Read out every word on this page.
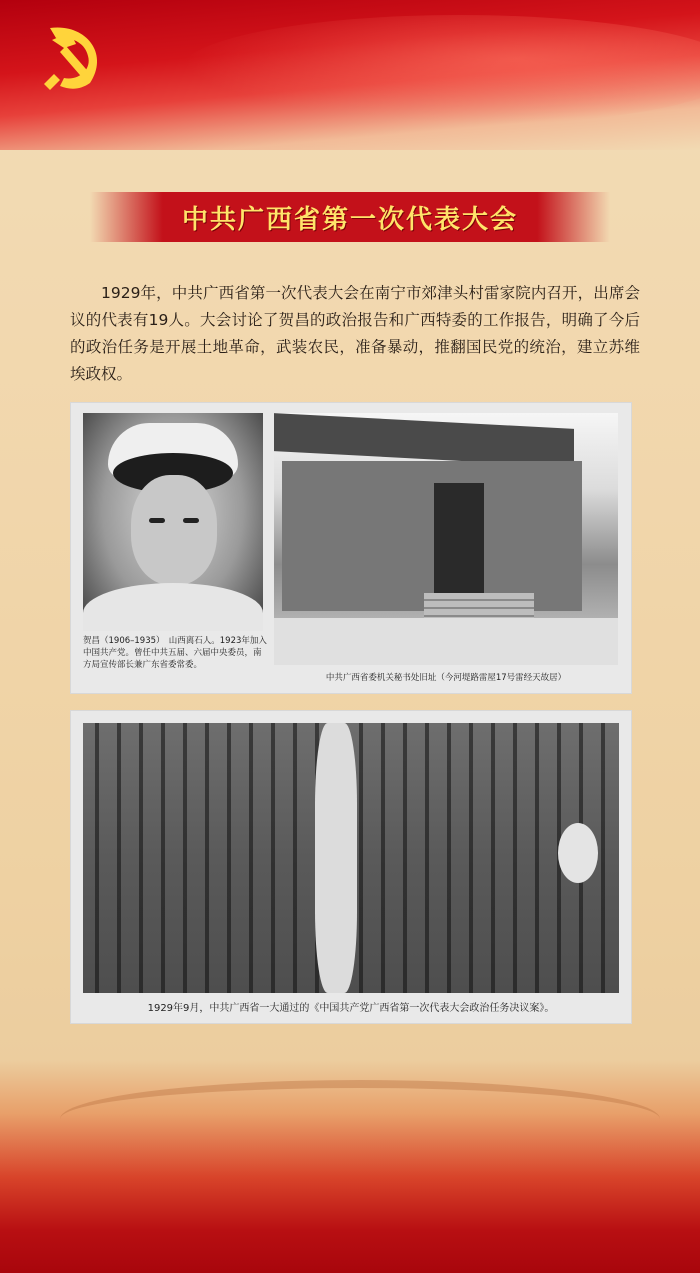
中共广西省第一次代表大会

1929年，中共广西省第一次代表大会在南宁市郊津头村雷家院内召开，出席会议的代表有19人。大会讨论了贺昌的政治报告和广西特委的工作报告，明确了今后的政治任务是开展土地革命，武装农民，准备暴动，推翻国民党的统治，建立苏维埃政权。

贺昌（1906–1935）　山西离石人。1923年加入中国共产党。曾任中共五届、六届中央委员，南方局宣传部长兼广东省委常委。
中共广西省委机关秘书处旧址（今河堤路雷屋17号雷经天故居）
1929年9月，中共广西省一大通过的《中国共产党广西省第一次代表大会政治任务决议案》。
